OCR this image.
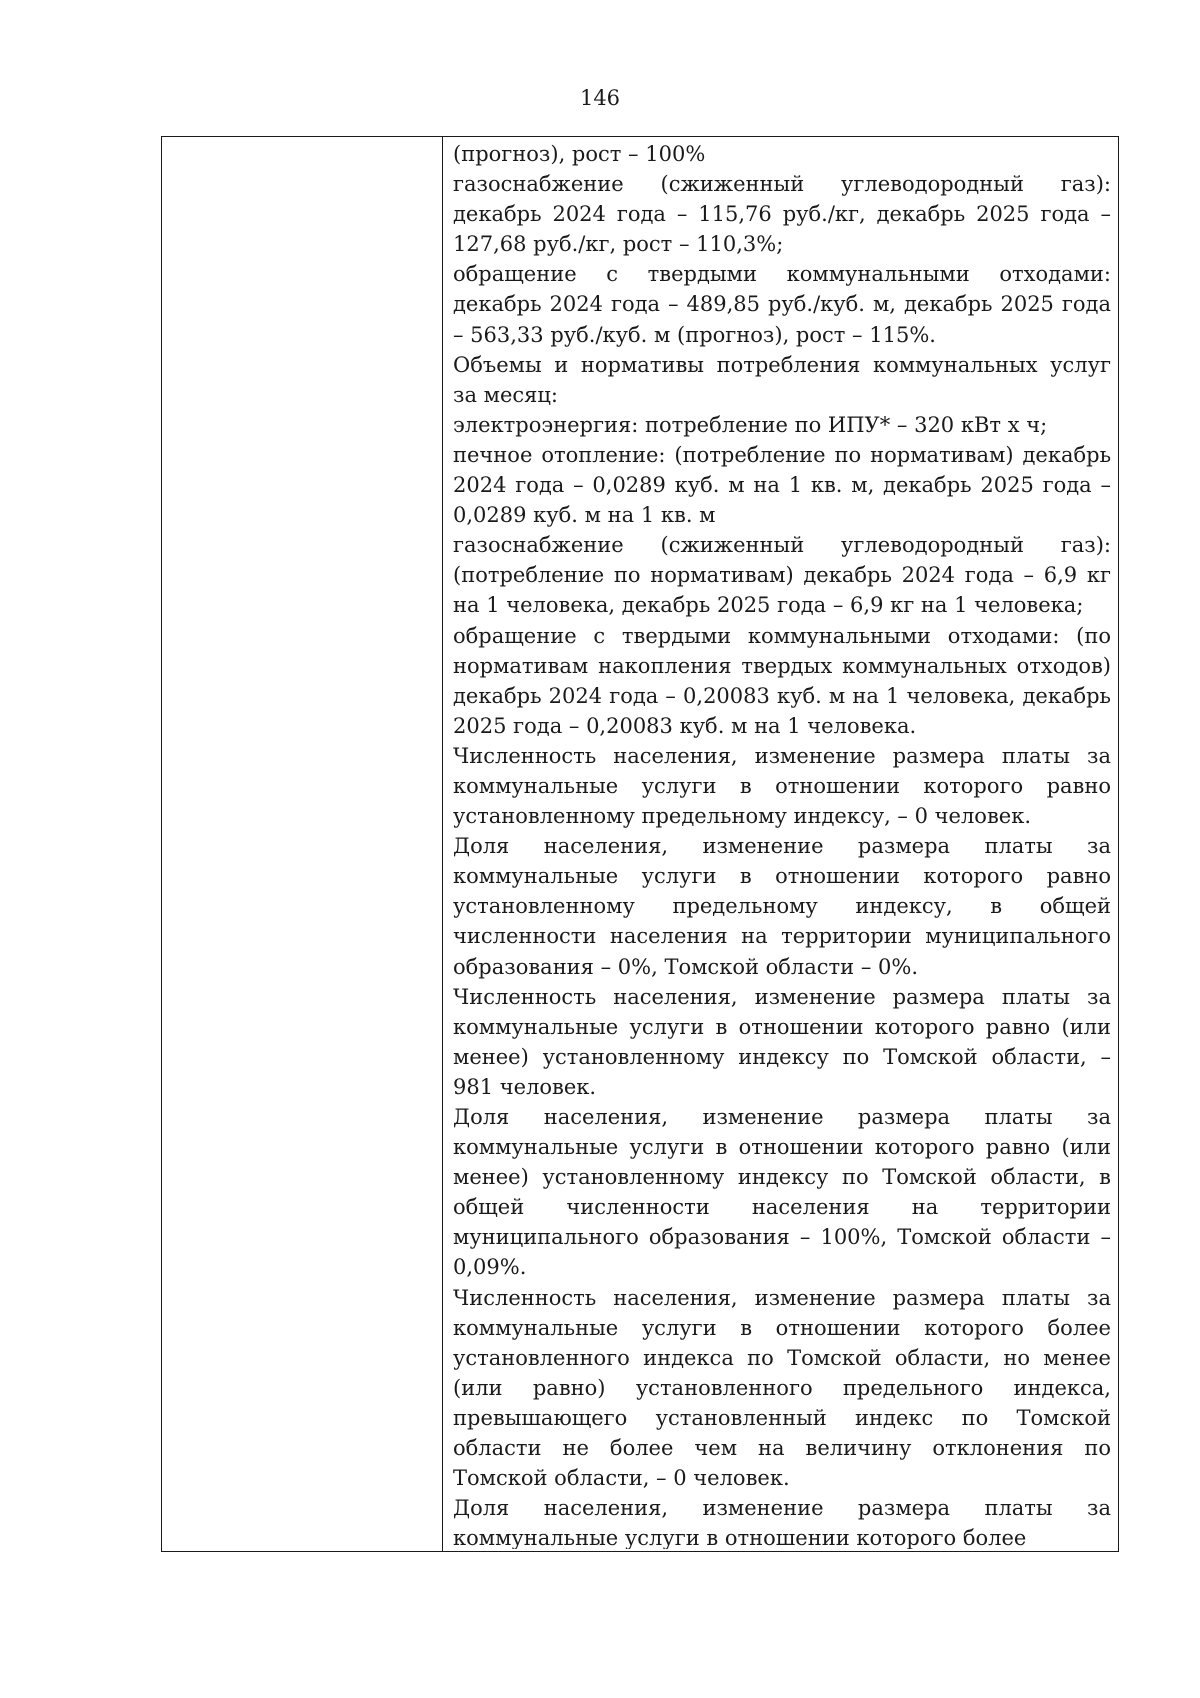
146

(прогноз), рост – 100%

газоснабжение (сжиженный углеводородный газ): декабрь 2024 года – 115,76 руб./кг, декабрь 2025 года – 127,68 руб./кг, рост – 110,3%;

обращение с твердыми коммунальными отходами: декабрь 2024 года – 489,85 руб./куб. м, декабрь 2025 года – 563,33 руб./куб. м (прогноз), рост – 115%.

Объемы и нормативы потребления коммунальных услуг за месяц:

электроэнергия: потребление по ИПУ* – 320 кВт х ч;

печное отопление: (потребление по нормативам) декабрь 2024 года – 0,0289 куб. м на 1 кв. м, декабрь 2025 года – 0,0289 куб. м на 1 кв. м

газоснабжение (сжиженный углеводородный газ): (потребление по нормативам) декабрь 2024 года – 6,9 кг на 1 человека, декабрь 2025 года – 6,9 кг на 1 человека;

обращение с твердыми коммунальными отходами: (по нормативам накопления твердых коммунальных отходов) декабрь 2024 года – 0,20083 куб. м на 1 человека, декабрь 2025 года – 0,20083 куб. м на 1 человека.

Численность населения, изменение размера платы за коммунальные услуги в отношении которого равно установленному предельному индексу, – 0 человек.

Доля населения, изменение размера платы за коммунальные услуги в отношении которого равно установленному предельному индексу, в общей численности населения на территории муниципального образования – 0%, Томской области – 0%.

Численность населения, изменение размера платы за коммунальные услуги в отношении которого равно (или менее) установленному индексу по Томской области, – 981 человек.

Доля населения, изменение размера платы за коммунальные услуги в отношении которого равно (или менее) установленному индексу по Томской области, в общей численности населения на территории муниципального образования – 100%, Томской области – 0,09%.

Численность населения, изменение размера платы за коммунальные услуги в отношении которого более установленного индекса по Томской области, но менее (или равно) установленного предельного индекса, превышающего установленный индекс по Томской области не более чем на величину отклонения по Томской области, – 0 человек.

Доля населения, изменение размера платы за коммунальные услуги в отношении которого более
